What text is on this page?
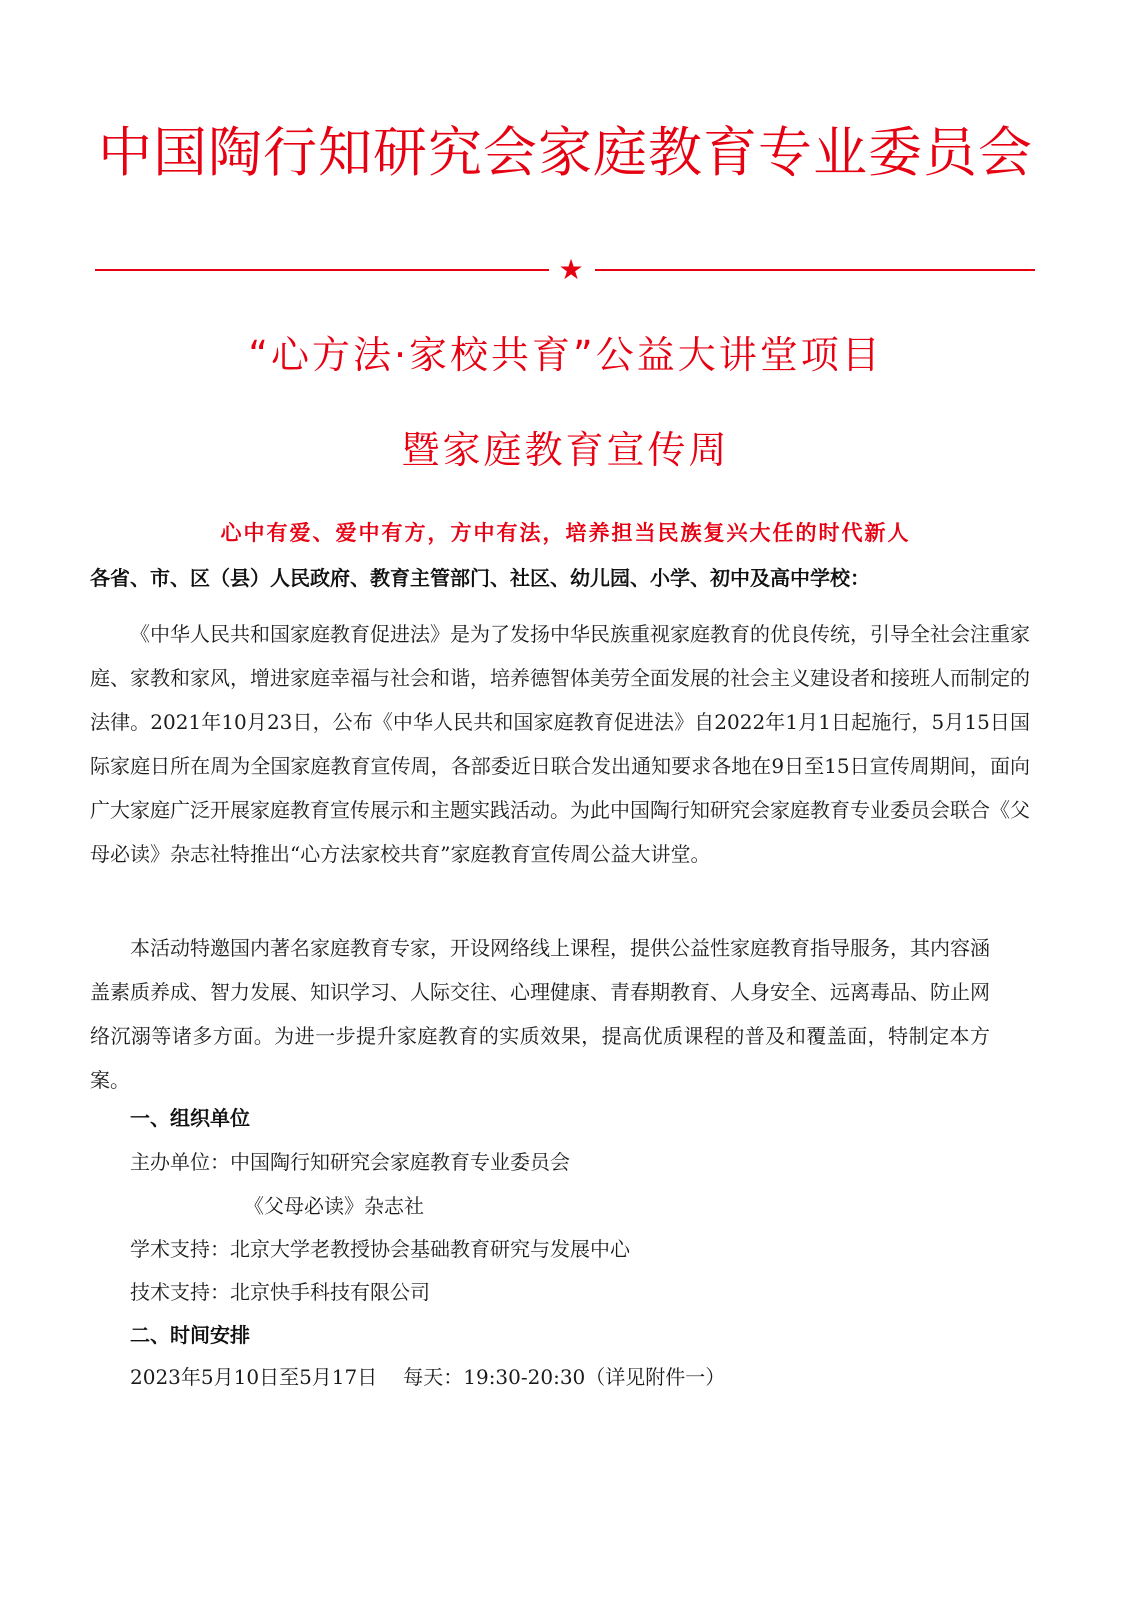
中国陶行知研究会家庭教育专业委员会
★
“心方法·家校共育”公益大讲堂项目
暨家庭教育宣传周
心中有爱、爱中有方，方中有法，培养担当民族复兴大任的时代新人
各省、市、区（县）人民政府、教育主管部门、社区、幼儿园、小学、初中及高中学校：

《中华人民共和国家庭教育促进法》是为了发扬中华民族重视家庭教育的优良传统，引导全社会注重家庭、家教和家风，增进家庭幸福与社会和谐，培养德智体美劳全面发展的社会主义建设者和接班人而制定的法律。2021年10月23日，公布《中华人民共和国家庭教育促进法》自2022年1月1日起施行，5月15日国际家庭日所在周为全国家庭教育宣传周，各部委近日联合发出通知要求各地在9日至15日宣传周期间，面向广大家庭广泛开展家庭教育宣传展示和主题实践活动。为此中国陶行知研究会家庭教育专业委员会联合《父母必读》杂志社特推出“心方法家校共育”家庭教育宣传周公益大讲堂。

本活动特邀国内著名家庭教育专家，开设网络线上课程，提供公益性家庭教育指导服务，其内容涵盖素质养成、智力发展、知识学习、人际交往、心理健康、青春期教育、人身安全、远离毒品、防止网络沉溺等诸多方面。为进一步提升家庭教育的实质效果，提高优质课程的普及和覆盖面，特制定本方案。

一、组织单位
主办单位：中国陶行知研究会家庭教育专业委员会
《父母必读》杂志社
学术支持：北京大学老教授协会基础教育研究与发展中心
技术支持：北京快手科技有限公司
二、时间安排
2023年5月10日至5月17日 每天：19:30-20:30（详见附件一）
